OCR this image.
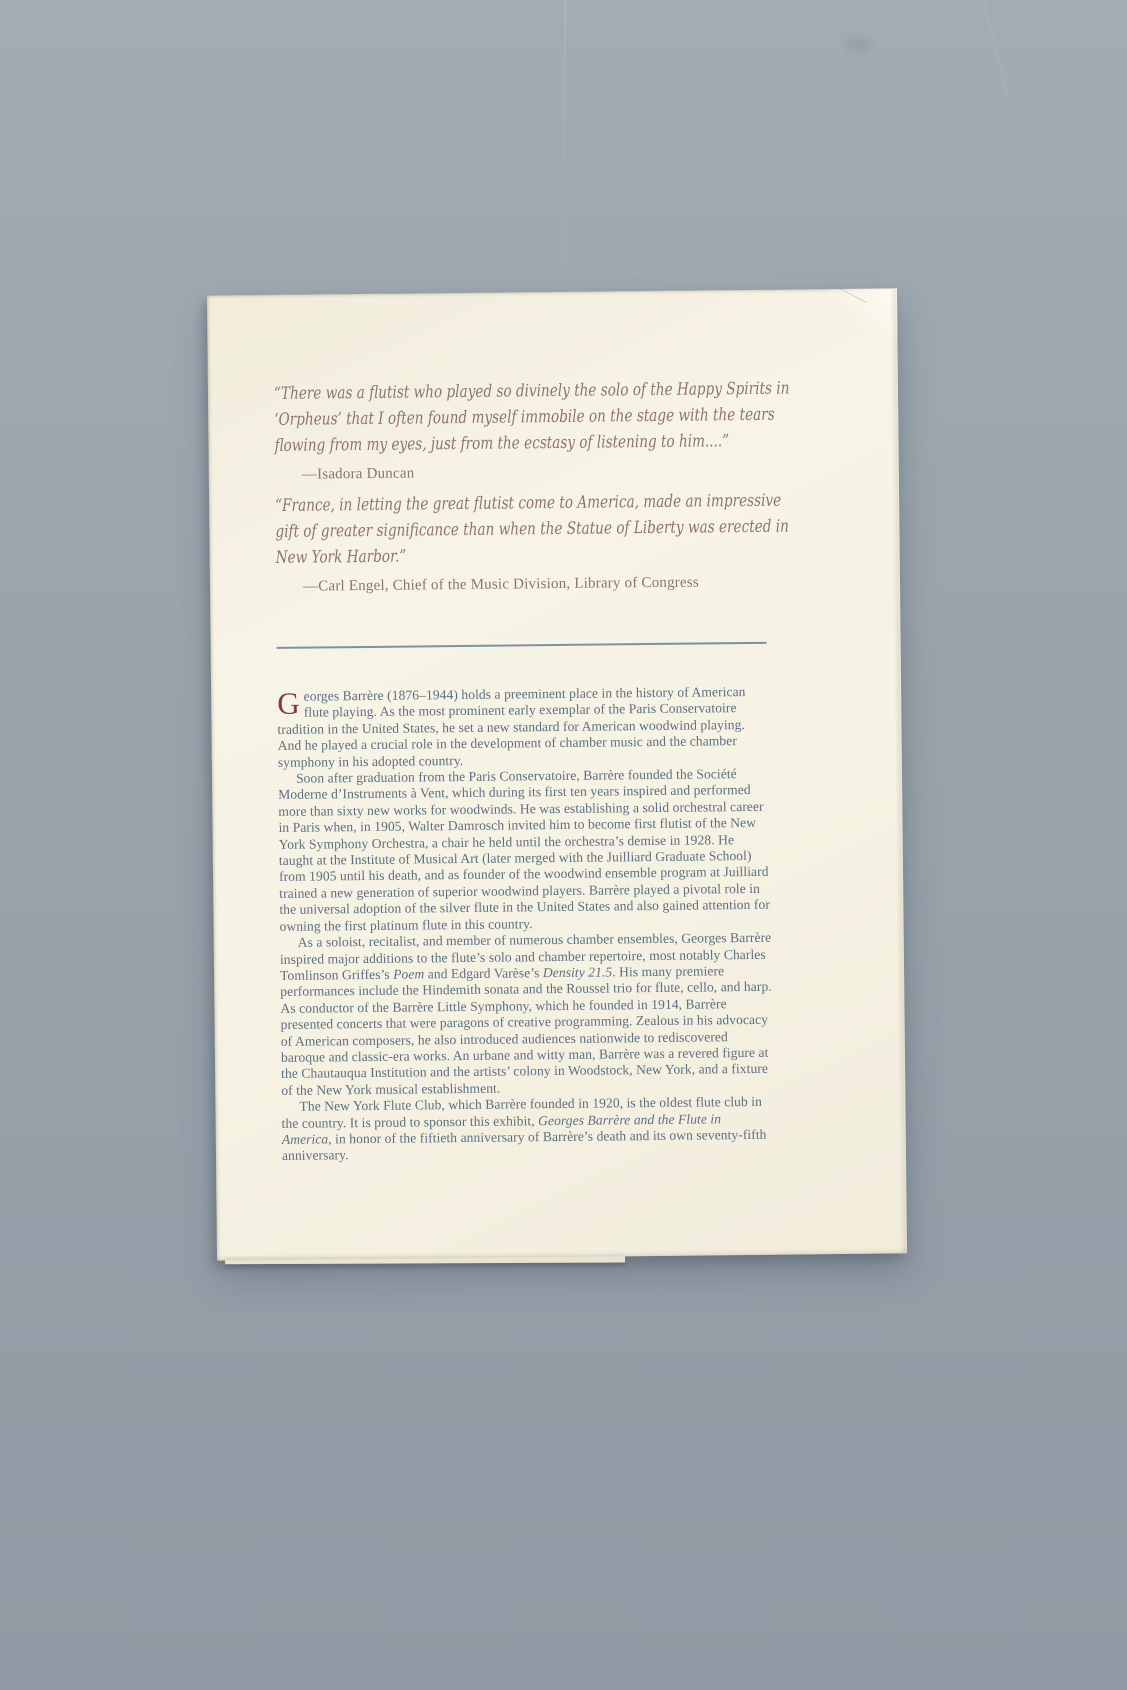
“There was a flutist who played so divinely the solo of the Happy Spirits in
‘Orpheus’ that I often found myself immobile on the stage with the tears
flowing from my eyes, just from the ecstasy of listening to him....”
—Isadora Duncan
“France, in letting the great flutist come to America, made an impressive
gift of greater significance than when the Statue of Liberty was erected in
New York Harbor.”
—Carl Engel, Chief of the Music Division, Library of Congress

Georges Barrère (1876–1944) holds a preeminent place in the history of American flute playing. As the most prominent early exemplar of the Paris Conservatoire tradition in the United States, he set a new standard for American woodwind playing. And he played a crucial role in the development of chamber music and the chamber symphony in his adopted country.

Soon after graduation from the Paris Conservatoire, Barrère founded the Société Moderne d’Instruments à Vent, which during its first ten years inspired and performed more than sixty new works for woodwinds. He was establishing a solid orchestral career in Paris when, in 1905, Walter Damrosch invited him to become first flutist of the New York Symphony Orchestra, a chair he held until the orchestra’s demise in 1928. He taught at the Institute of Musical Art (later merged with the Juilliard Graduate School) from 1905 until his death, and as founder of the woodwind ensemble program at Juilliard trained a new generation of superior woodwind players. Barrère played a pivotal role in the universal adoption of the silver flute in the United States and also gained attention for owning the first platinum flute in this country.

As a soloist, recitalist, and member of numerous chamber ensembles, Georges Barrère inspired major additions to the flute’s solo and chamber repertoire, most notably Charles Tomlinson Griffes’s Poem and Edgard Varèse’s Density 21.5. His many premiere performances include the Hindemith sonata and the Roussel trio for flute, cello, and harp. As conductor of the Barrère Little Symphony, which he founded in 1914, Barrère presented concerts that were paragons of creative programming. Zealous in his advocacy of American composers, he also introduced audiences nationwide to rediscovered baroque and classic-era works. An urbane and witty man, Barrère was a revered figure at the Chautauqua Institution and the artists’ colony in Woodstock, New York, and a fixture of the New York musical establishment.

The New York Flute Club, which Barrère founded in 1920, is the oldest flute club in the country. It is proud to sponsor this exhibit, Georges Barrère and the Flute in America, in honor of the fiftieth anniversary of Barrère’s death and its own seventy-fifth anniversary.
